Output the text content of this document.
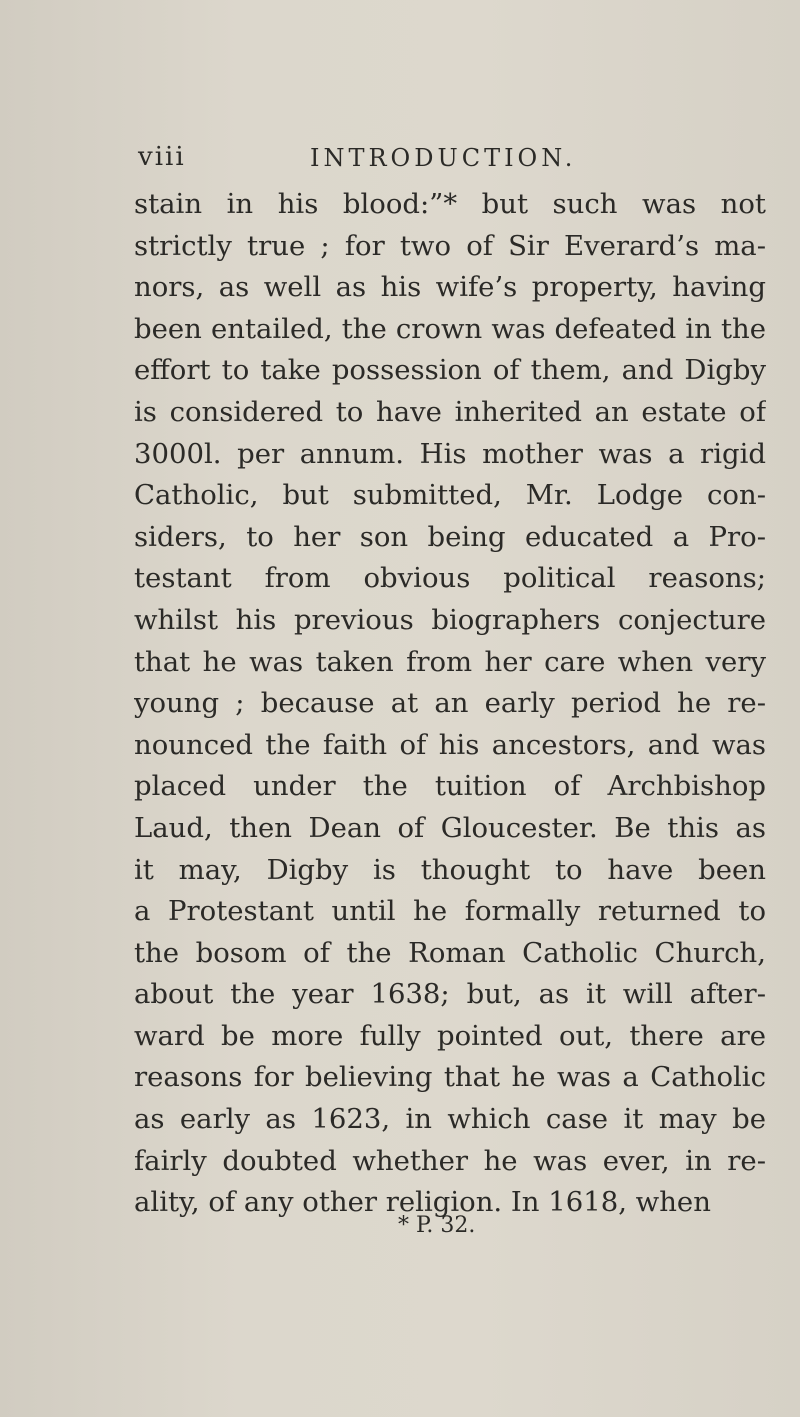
viii	INTRODUCTION.
stain in his blood:”* but such was not
strictly true ; for two of Sir Everard’s ma-
nors, as well as his wife’s property, having
been entailed, the crown was defeated in the
effort to take possession of them, and Digby
is considered to have inherited an estate of
3000l. per annum. His mother was a rigid
Catholic, but submitted, Mr. Lodge con-
siders, to her son being educated a Pro-
testant from obvious political reasons;
whilst his previous biographers conjecture
that he was taken from her care when very
young ; because at an early period he re-
nounced the faith of his ancestors, and was
placed under the tuition of Archbishop
Laud, then Dean of Gloucester. Be this as
it may, Digby is thought to have been
a Protestant until he formally returned to
the bosom of the Roman Catholic Church,
about the year 1638; but, as it will after-
ward be more fully pointed out, there are
reasons for believing that he was a Catholic
as early as 1623, in which case it may be
fairly doubted whether he was ever, in re-
ality, of any other religion. In 1618, when
* P. 32.
